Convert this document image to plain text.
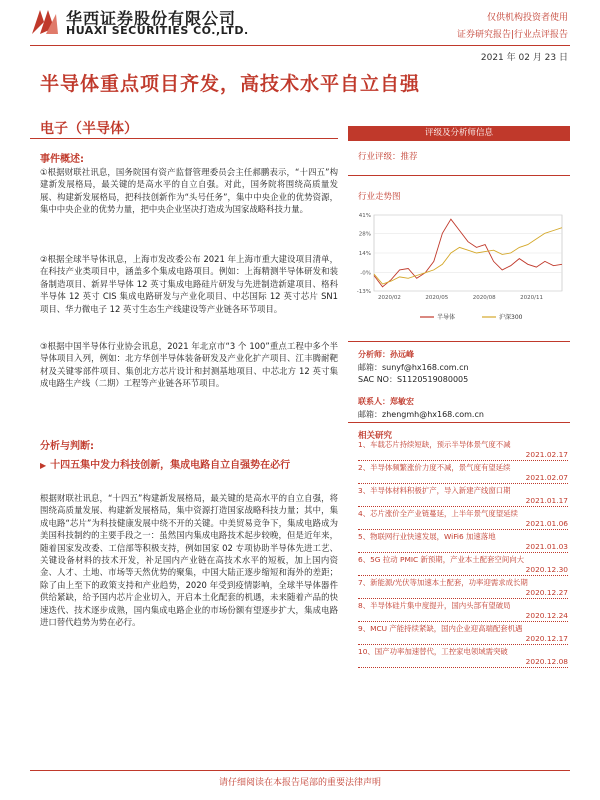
华西证券股份有限公司
HUAXI SECURITIES CO.,LTD.
仅供机构投资者使用
证券研究报告|行业点评报告
2021 年 02 月 23 日
半导体重点项目齐发，高技术水平自立自强
电子（半导体）
事件概述:
①根据财联社讯息，国务院国有资产监督管理委员会主任郝鹏表示，“十四五”构建新发展格局，最关键的是高水平的自立自强。对此，国务院将围绕高质量发展、构建新发展格局，把科技创新作为“头号任务”，集中中央企业的优势资源，集中中央企业的优势力量，把中央企业坚决打造成为国家战略科技力量。
②根据全球半导体讯息，上海市发改委公布 2021 年上海市重大建设项目清单，在科技产业类项目中，涵盖多个集成电路项目。例如：上海精测半导体研发和装备制造项目、新昇半导体 12 英寸集成电路硅片研发与先进制造新建项目、格科半导体 12 英寸 CIS 集成电路研发与产业化项目、中芯国际 12 英寸芯片 SN1 项目、华力微电子 12 英寸生态生产线建设等产业链各环节项目。
③根据中国半导体行业协会讯息，2021 年北京市“3 个 100”重点工程中多个半导体项目入列，例如：北方华创半导体装备研发及产业化扩产项目、江丰腾耐靶材及关键零部件项目、集创北方芯片设计和封测基地项目、中芯北方 12 英寸集成电路生产线（二期）工程等产业链各环节项目。
分析与判断:
▶ 十四五集中发力科技创新，集成电路自立自强势在必行
根据财联社讯息，“十四五”构建新发展格局，最关键的是高水平的自立自强，将围绕高质量发展、构建新发展格局，集中资源打造国家战略科技力量；其中，集成电路“芯片”为科技健康发展中绕不开的关键。中美贸易竞争下，集成电路成为美国科技制约的主要手段之一：虽然国内集成电路技术起步较晚，但是近年来，随着国家发改委、工信部等积极支持，例如国家 02 专项协助半导体先进工艺、关键设备材料的技术开发，补足国内产业链在高技术水平的短板，加上国内资金、人才、土地、市场等天然优势的聚集，中国大陆正逐步缩短和海外的差距；除了由上至下的政策支持和产业趋势，2020 年受到疫情影响，全球半导体器件供给紧缺，给予国内芯片企业切入，开启本土化配套的机遇，未来随着产品的快速迭代、技术逐步成熟，国内集成电路企业的市场份额有望逐步扩大，集成电路进口替代趋势为势在必行。
评级及分析师信息
行业评级：推荐
行业走势图
41%
28%
14%
-0%
-13%
2020/02	2020/05	2020/08	2020/11
半导体	沪深300
分析师：孙远峰
邮箱：sunyf@hx168.com.cn
SAC NO：S1120519080005
联系人：郑敏宏
邮箱：zhengmh@hx168.com.cn
相关研究
1、车载芯片持续短缺，预示半导体景气度不减
2021.02.17
2、半导体频繁涨价力度不减，景气度有望延续
2021.02.07
3、半导体材料积极扩产，导入新建产线窗口期
2021.01.17
4、芯片涨价全产业链蔓延，上半年景气度望延续
2021.01.06
5、物联网行业快速发展，WiFi6 加速落地
2021.01.03
6、5G 拉动 PMIC 新预期，产业本土配套空间向大
2020.12.30
7、新能源/光伏等加速本土配套，功率迎需求成长期
2020.12.27
8、半导体硅片集中度提升，国内头部有望破局
2020.12.24
9、MCU 产能持续紧缺，国内企业迎高端配套机遇
2020.12.17
10、国产功率加速替代，工控家电领域需突破
2020.12.08
请仔细阅读在本报告尾部的重要法律声明
